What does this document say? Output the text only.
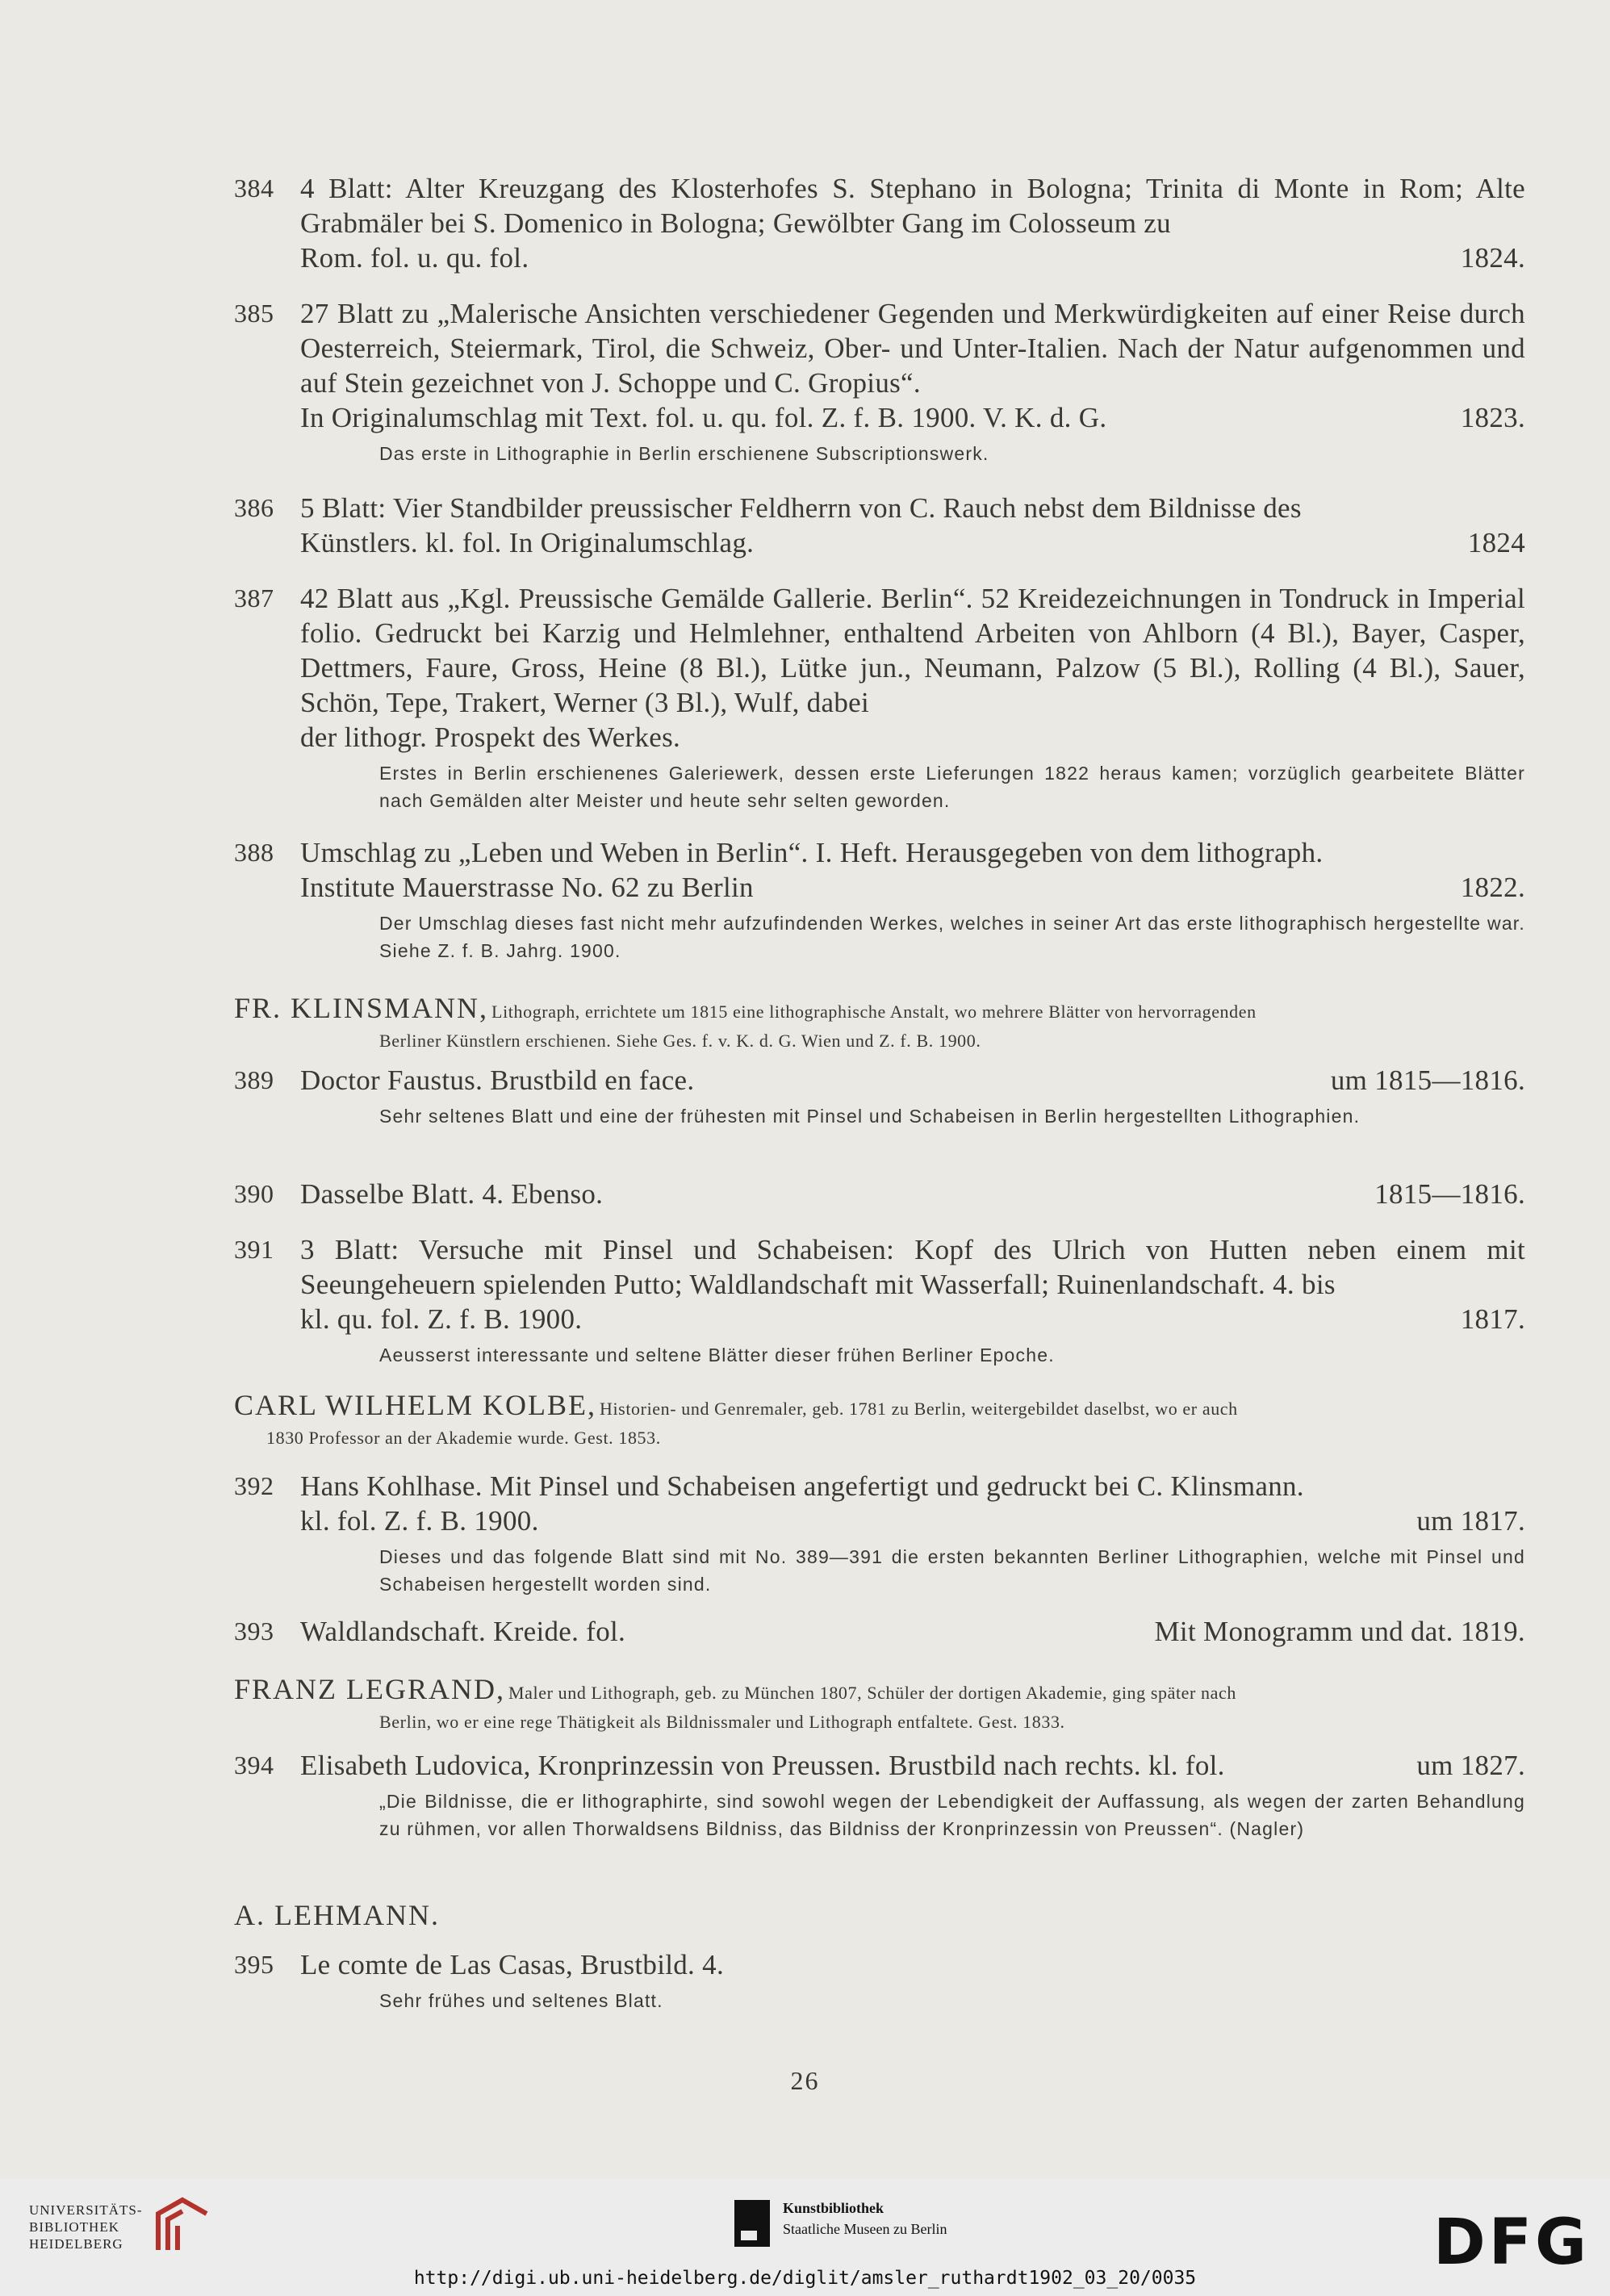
384 4 Blatt: Alter Kreuzgang des Klosterhofes S. Stephano in Bologna; Trinita di Monte in Rom; Alte Grabmäler bei S. Domenico in Bologna; Gewölbter Gang im Colosseum zu
Rom. fol. u. qu. fol.	1824.
385 27 Blatt zu „Malerische Ansichten verschiedener Gegenden und Merkwürdigkeiten auf einer Reise durch Oesterreich, Steiermark, Tirol, die Schweiz, Ober- und Unter-Italien. Nach der Natur aufgenommen und auf Stein gezeichnet von J. Schoppe und C. Gropius“.
In Originalumschlag mit Text. fol. u. qu. fol. Z. f. B. 1900. V. K. d. G.	1823.
Das erste in Lithographie in Berlin erschienene Subscriptionswerk.
386 5 Blatt: Vier Standbilder preussischer Feldherrn von C. Rauch nebst dem Bildnisse des
Künstlers. kl. fol. In Originalumschlag.	1824
387 42 Blatt aus „Kgl. Preussische Gemälde Gallerie. Berlin“. 52 Kreidezeichnungen in Tondruck in Imperial folio. Gedruckt bei Karzig und Helmlehner, enthaltend Arbeiten von Ahlborn (4 Bl.), Bayer, Casper, Dettmers, Faure, Gross, Heine (8 Bl.), Lütke jun., Neumann, Palzow (5 Bl.), Rolling (4 Bl.), Sauer, Schön, Tepe, Trakert, Werner (3 Bl.), Wulf, dabei
der lithogr. Prospekt des Werkes.
Erstes in Berlin erschienenes Galeriewerk, dessen erste Lieferungen 1822 heraus kamen; vorzüglich gearbeitete Blätter nach Gemälden alter Meister und heute sehr selten geworden.
388 Umschlag zu „Leben und Weben in Berlin“. I. Heft. Herausgegeben von dem lithograph.
Institute Mauerstrasse No. 62 zu Berlin	1822.
Der Umschlag dieses fast nicht mehr aufzufindenden Werkes, welches in seiner Art das erste lithographisch hergestellte war. Siehe Z. f. B. Jahrg. 1900.
FR. KLINSMANN, Lithograph, errichtete um 1815 eine lithographische Anstalt, wo mehrere Blätter von hervorragenden
Berliner Künstlern erschienen. Siehe Ges. f. v. K. d. G. Wien und Z. f. B. 1900.
389 Doctor Faustus. Brustbild en face.	um 1815—1816.
Sehr seltenes Blatt und eine der frühesten mit Pinsel und Schabeisen in Berlin hergestellten Lithographien.
390 Dasselbe Blatt. 4. Ebenso.	1815—1816.
391 3 Blatt: Versuche mit Pinsel und Schabeisen: Kopf des Ulrich von Hutten neben einem mit Seeungeheuern spielenden Putto; Waldlandschaft mit Wasserfall; Ruinenlandschaft. 4. bis
kl. qu. fol. Z. f. B. 1900.	1817.
Aeusserst interessante und seltene Blätter dieser frühen Berliner Epoche.
CARL WILHELM KOLBE, Historien- und Genremaler, geb. 1781 zu Berlin, weitergebildet daselbst, wo er auch
1830 Professor an der Akademie wurde. Gest. 1853.
392 Hans Kohlhase. Mit Pinsel und Schabeisen angefertigt und gedruckt bei C. Klinsmann.
kl. fol. Z. f. B. 1900.	um 1817.
Dieses und das folgende Blatt sind mit No. 389—391 die ersten bekannten Berliner Lithographien, welche mit Pinsel und Schabeisen hergestellt worden sind.
393 Waldlandschaft. Kreide. fol.	Mit Monogramm und dat. 1819.
FRANZ LEGRAND, Maler und Lithograph, geb. zu München 1807, Schüler der dortigen Akademie, ging später nach
Berlin, wo er eine rege Thätigkeit als Bildnissmaler und Lithograph entfaltete. Gest. 1833.
394 Elisabeth Ludovica, Kronprinzessin von Preussen. Brustbild nach rechts. kl. fol.	um 1827.
„Die Bildnisse, die er lithographirte, sind sowohl wegen der Lebendigkeit der Auffassung, als wegen der zarten Behandlung zu rühmen, vor allen Thorwaldsens Bildniss, das Bildniss der Kronprinzessin von Preussen“. (Nagler)
A. LEHMANN.
395 Le comte de Las Casas, Brustbild. 4.
Sehr frühes und seltenes Blatt.
26
UNIVERSITÄTS-
BIBLIOTHEK
HEIDELBERG
Kunstbibliothek
Staatliche Museen zu Berlin	DFG
http://digi.ub.uni-heidelberg.de/diglit/amsler_ruthardt1902_03_20/0035
